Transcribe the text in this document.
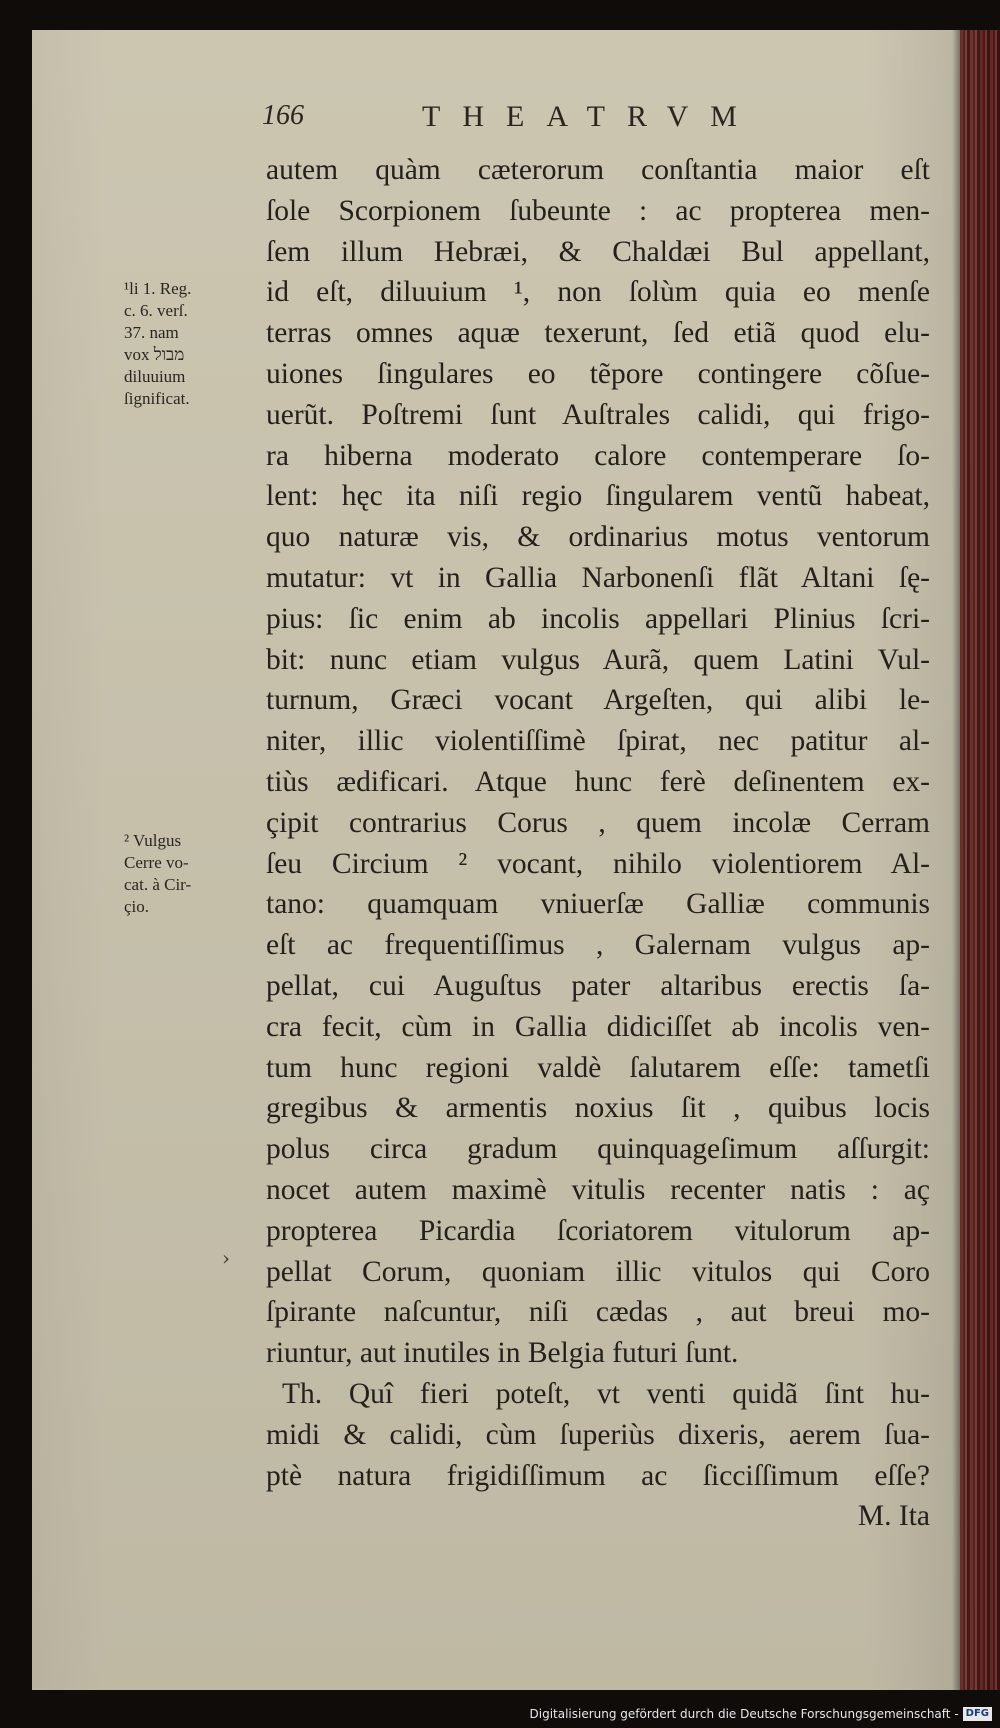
166	THEATRVM
¹li 1. Reg.
c. 6. verſ.
37. nam
vox מבול
diluuium
ſignificat.
² Vulgus
Cerre vo-
cat. à Cir-
çio.
›
autem quàm cæterorum conſtantia maior eſt
ſole Scorpionem ſubeunte : ac propterea men-
ſem illum Hebræi, & Chaldæi Bul appellant,
id eſt, diluuium ¹, non ſolùm quia eo menſe
terras omnes aquæ texerunt, ſed etiã quod elu-
uiones ſingulares eo tẽpore contingere cõſue-
uerũt. Poſtremi ſunt Auſtrales calidi, qui frigo-
ra hiberna moderato calore contemperare ſo-
lent: hęc ita niſi regio ſingularem ventũ habeat,
quo naturæ vis, & ordinarius motus ventorum
mutatur: vt in Gallia Narbonenſi flãt Altani ſę-
pius: ſic enim ab incolis appellari Plinius ſcri-
bit: nunc etiam vulgus Aurã, quem Latini Vul-
turnum, Græci vocant Argeſten, qui alibi le-
niter, illic violentiſſimè ſpirat, nec patitur al-
tiùs ædificari. Atque hunc ferè deſinentem ex-
çipit contrarius Corus , quem incolæ Cerram
ſeu Circium ² vocant, nihilo violentiorem Al-
tano: quamquam vniuerſæ Galliæ communis
eſt ac frequentiſſimus , Galernam vulgus ap-
pellat, cui Auguſtus pater altaribus erectis ſa-
cra fecit, cùm in Gallia didiciſſet ab incolis ven-
tum hunc regioni valdè ſalutarem eſſe: tametſi
gregibus & armentis noxius ſit , quibus locis
polus circa gradum quinquageſimum aſſurgit:
nocet autem maximè vitulis recenter natis : aç
propterea Picardia ſcoriatorem vitulorum ap-
pellat Corum, quoniam illic vitulos qui Coro
ſpirante naſcuntur, niſi cædas , aut breui mo-
riuntur, aut inutiles in Belgia futuri ſunt.
Th. Quî fieri poteſt, vt venti quidã ſint hu-
midi & calidi, cùm ſuperiùs dixeris, aerem ſua-
ptè natura frigidiſſimum ac ſicciſſimum eſſe?
M. Ita
Digitalisierung gefördert durch die Deutsche Forschungsgemeinschaft - DFG
